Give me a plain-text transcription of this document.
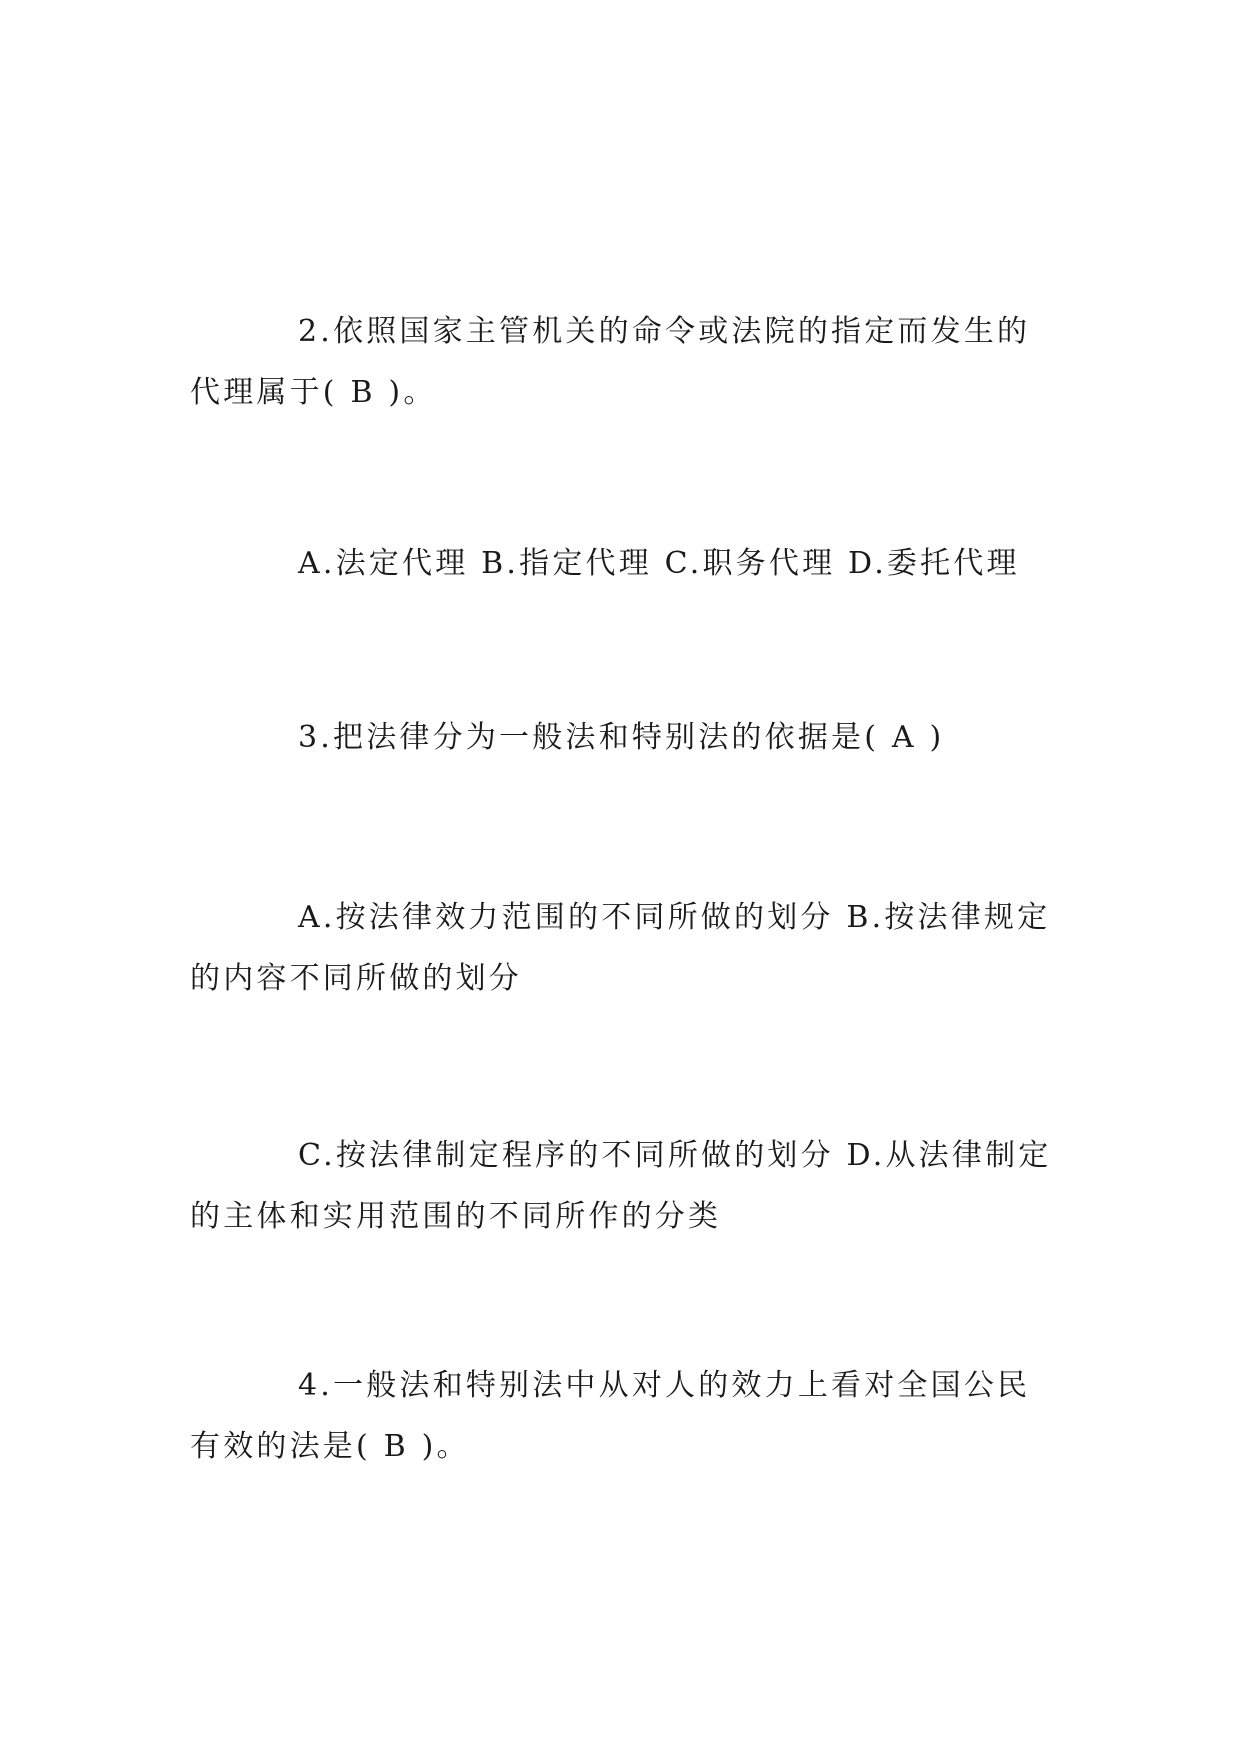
2.依照国家主管机关的命令或法院的指定而发生的代理属于( B )。

A.法定代理 B.指定代理 C.职务代理 D.委托代理

3.把法律分为一般法和特别法的依据是( A )

A.按法律效力范围的不同所做的划分 B.按法律规定的内容不同所做的划分

C.按法律制定程序的不同所做的划分 D.从法律制定的主体和实用范围的不同所作的分类

4.一般法和特别法中从对人的效力上看对全国公民有效的法是( B )。
